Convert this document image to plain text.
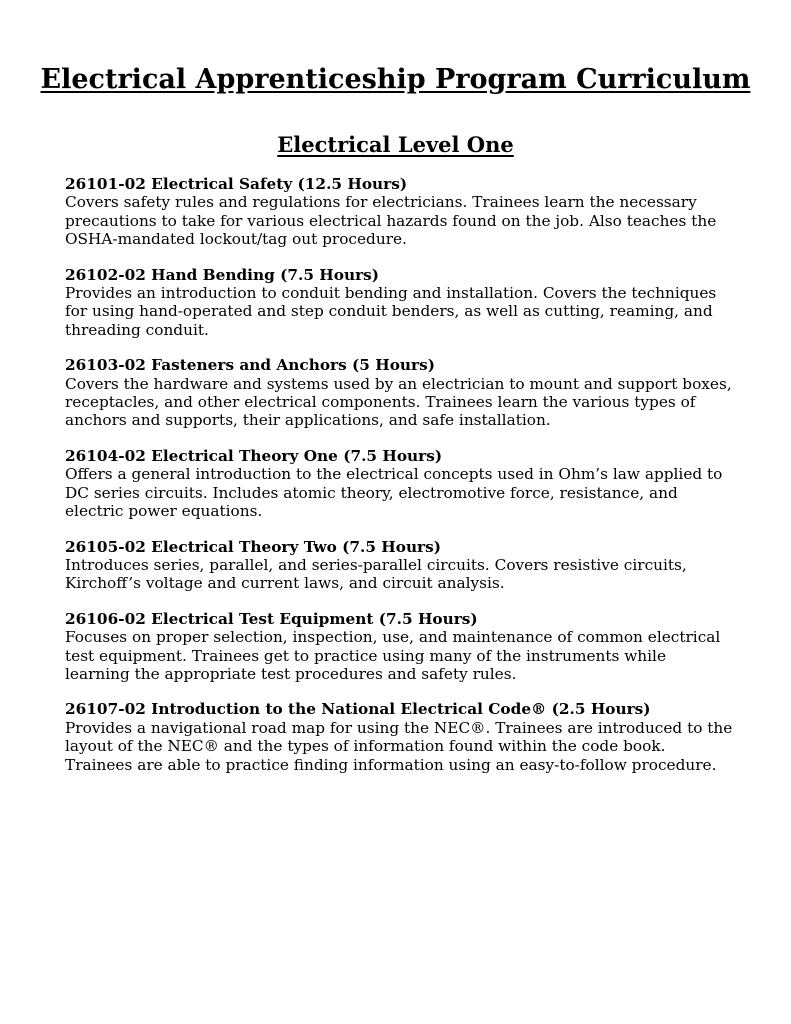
Electrical Apprenticeship Program Curriculum
Electrical Level One
26101-02 Electrical Safety (12.5 Hours)
Covers safety rules and regulations for electricians. Trainees learn the necessary precautions to take for various electrical hazards found on the job. Also teaches the OSHA-mandated lockout/tag out procedure.
26102-02 Hand Bending (7.5 Hours)
Provides an introduction to conduit bending and installation. Covers the techniques for using hand-operated and step conduit benders, as well as cutting, reaming, and threading conduit.
26103-02 Fasteners and Anchors (5 Hours)
Covers the hardware and systems used by an electrician to mount and support boxes, receptacles, and other electrical components. Trainees learn the various types of anchors and supports, their applications, and safe installation.
26104-02 Electrical Theory One (7.5 Hours)
Offers a general introduction to the electrical concepts used in Ohm’s law applied to DC series circuits. Includes atomic theory, electromotive force, resistance, and electric power equations.
26105-02 Electrical Theory Two (7.5 Hours)
Introduces series, parallel, and series-parallel circuits. Covers resistive circuits, Kirchoff’s voltage and current laws, and circuit analysis.
26106-02 Electrical Test Equipment (7.5 Hours)
Focuses on proper selection, inspection, use, and maintenance of common electrical test equipment. Trainees get to practice using many of the instruments while learning the appropriate test procedures and safety rules.
26107-02 Introduction to the National Electrical Code® (2.5 Hours)
Provides a navigational road map for using the NEC®. Trainees are introduced to the layout of the NEC® and the types of information found within the code book. Trainees are able to practice finding information using an easy-to-follow procedure.
